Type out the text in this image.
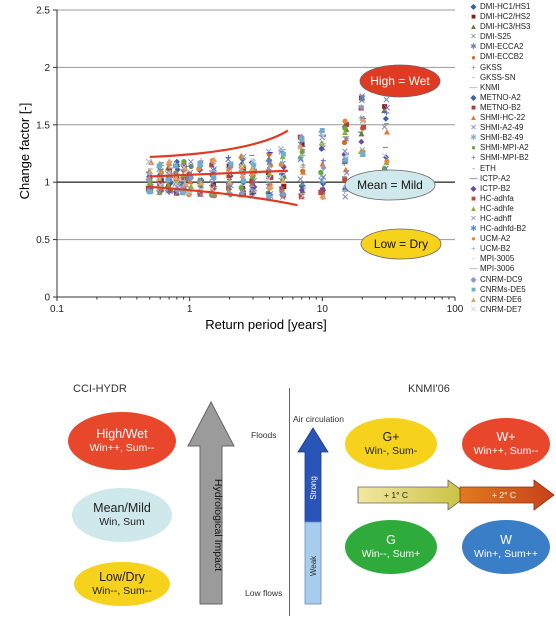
0
0.5
1
1.5
2
2.5
0.1	1	10	100
High = Wet
Mean = Mild
Low = Dry
Return period [years]
Change factor [-]
◆ DMI-HC1/HS1
■ DMI-HC2/HS2
▲ DMI-HC3/HS3
✕ DMI-S25
✱ DMI-ECCA2
● DMI-ECCB2
+ GKSS
- GKSS-SN
— KNMI
◆ METNO-A2
■ METNO-B2
▲ SHMI-HC-22
✕ SHMI-A2-49
✱ SHMI-B2-49
● SHMI-MPI-A2
+ SHMI-MPI-B2
- ETH
— ICTP-A2
◆ ICTP-B2
■ HC-adhfa
▲ HC-adhfe
✕ HC-adhff
✱ HC-adhfd-B2
● UCM-A2
+ UCM-B2
- MPI-3005
— MPI-3006
◆ CNRM-DC9
■ CNRMs-DE5
▲ CNRM-DE6
✕ CNRM-DE7
CCI-HYDR	KNMI'06
High/Wet
Win++, Sum--
Mean/Mild
Win, Sum
Low/Dry
Win--, Sum--
Hydrological Impact
Floods
Low flows
Air circulation
Strong
Weak
+ 1° C	+ 2° C
G+
Win-, Sum-
W+
Win++, Sum--
G
Win--, Sum+
W
Win+, Sum++
